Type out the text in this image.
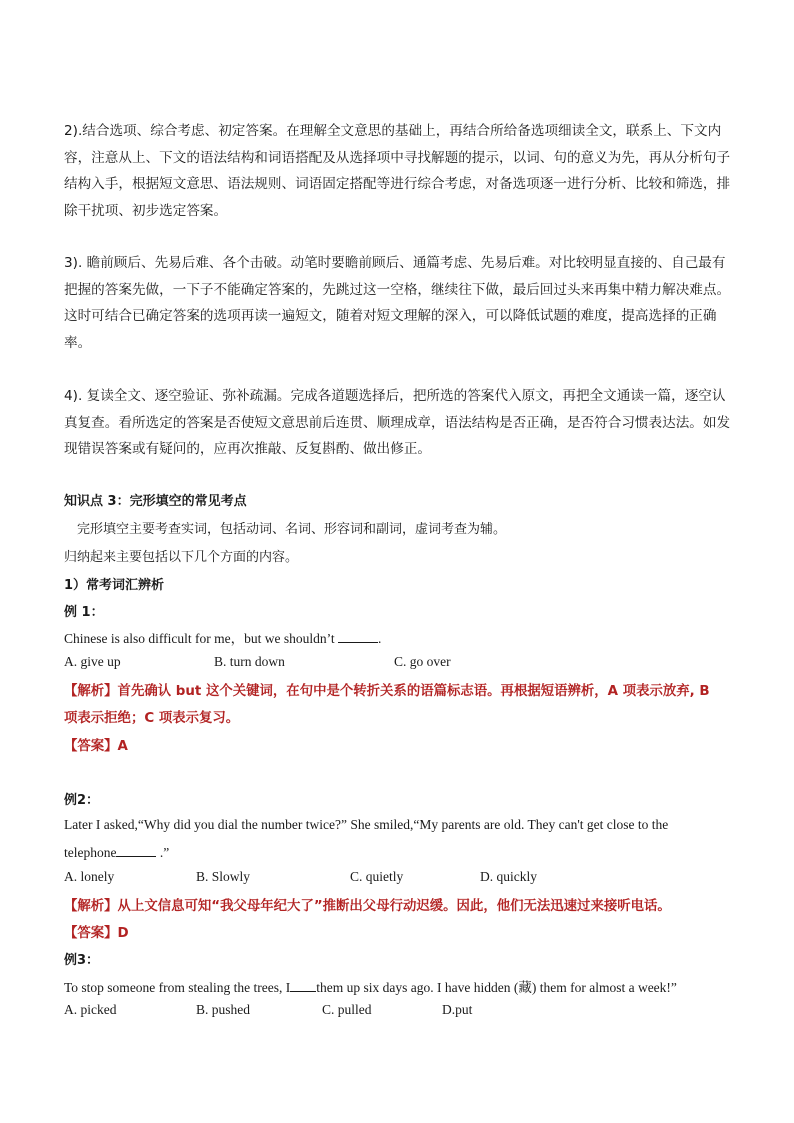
2).结合选项、综合考虑、初定答案。在理解全文意思的基础上，再结合所给备选项细读全文，联系上、下文内容，注意从上、下文的语法结构和词语搭配及从选择项中寻找解题的提示，以词、句的意义为先，再从分析句子结构入手，根据短文意思、语法规则、词语固定搭配等进行综合考虑，对备选项逐一进行分析、比较和筛选，排除干扰项、初步选定答案。

3). 瞻前顾后、先易后难、各个击破。动笔时要瞻前顾后、通篇考虑、先易后难。对比较明显直接的、自己最有把握的答案先做，一下子不能确定答案的，先跳过这一空格，继续往下做，最后回过头来再集中精力解决难点。这时可结合已确定答案的选项再读一遍短文，随着对短文理解的深入，可以降低试题的难度，提高选择的正确率。

4). 复读全文、逐空验证、弥补疏漏。完成各道题选择后，把所选的答案代入原文，再把全文通读一篇，逐空认真复查。看所选定的答案是否使短文意思前后连贯、顺理成章，语法结构是否正确，是否符合习惯表达法。如发现错误答案或有疑问的，应再次推敲、反复斟酌、做出修正。

知识点 3：完形填空的常见考点

完形填空主要考查实词，包括动词、名词、形容词和副词，虚词考查为辅。

归纳起来主要包括以下几个方面的内容。

1）常考词汇辨析

例 1：

Chinese is also difficult for me，but we shouldn’t	.

A. give up	B. turn down	C. go over

【解析】首先确认 but 这个关键词，在句中是个转折关系的语篇标志语。再根据短语辨析，A 项表示放弃, B

项表示拒绝；C 项表示复习。

【答案】A

例2：

Later I asked,“Why did you dial the number twice?” She smiled,“My parents are old. They can't get close to the

telephone	.”

A. lonely	B. Slowly	C. quietly	D. quickly

【解析】从上文信息可知“我父母年纪大了”推断出父母行动迟缓。因此，他们无法迅速过来接听电话。

【答案】D

例3：

To stop someone from stealing the trees, I them up six days ago. I have hidden (藏) them for almost a week!”

A. picked	B. pushed	C. pulled	D.put
